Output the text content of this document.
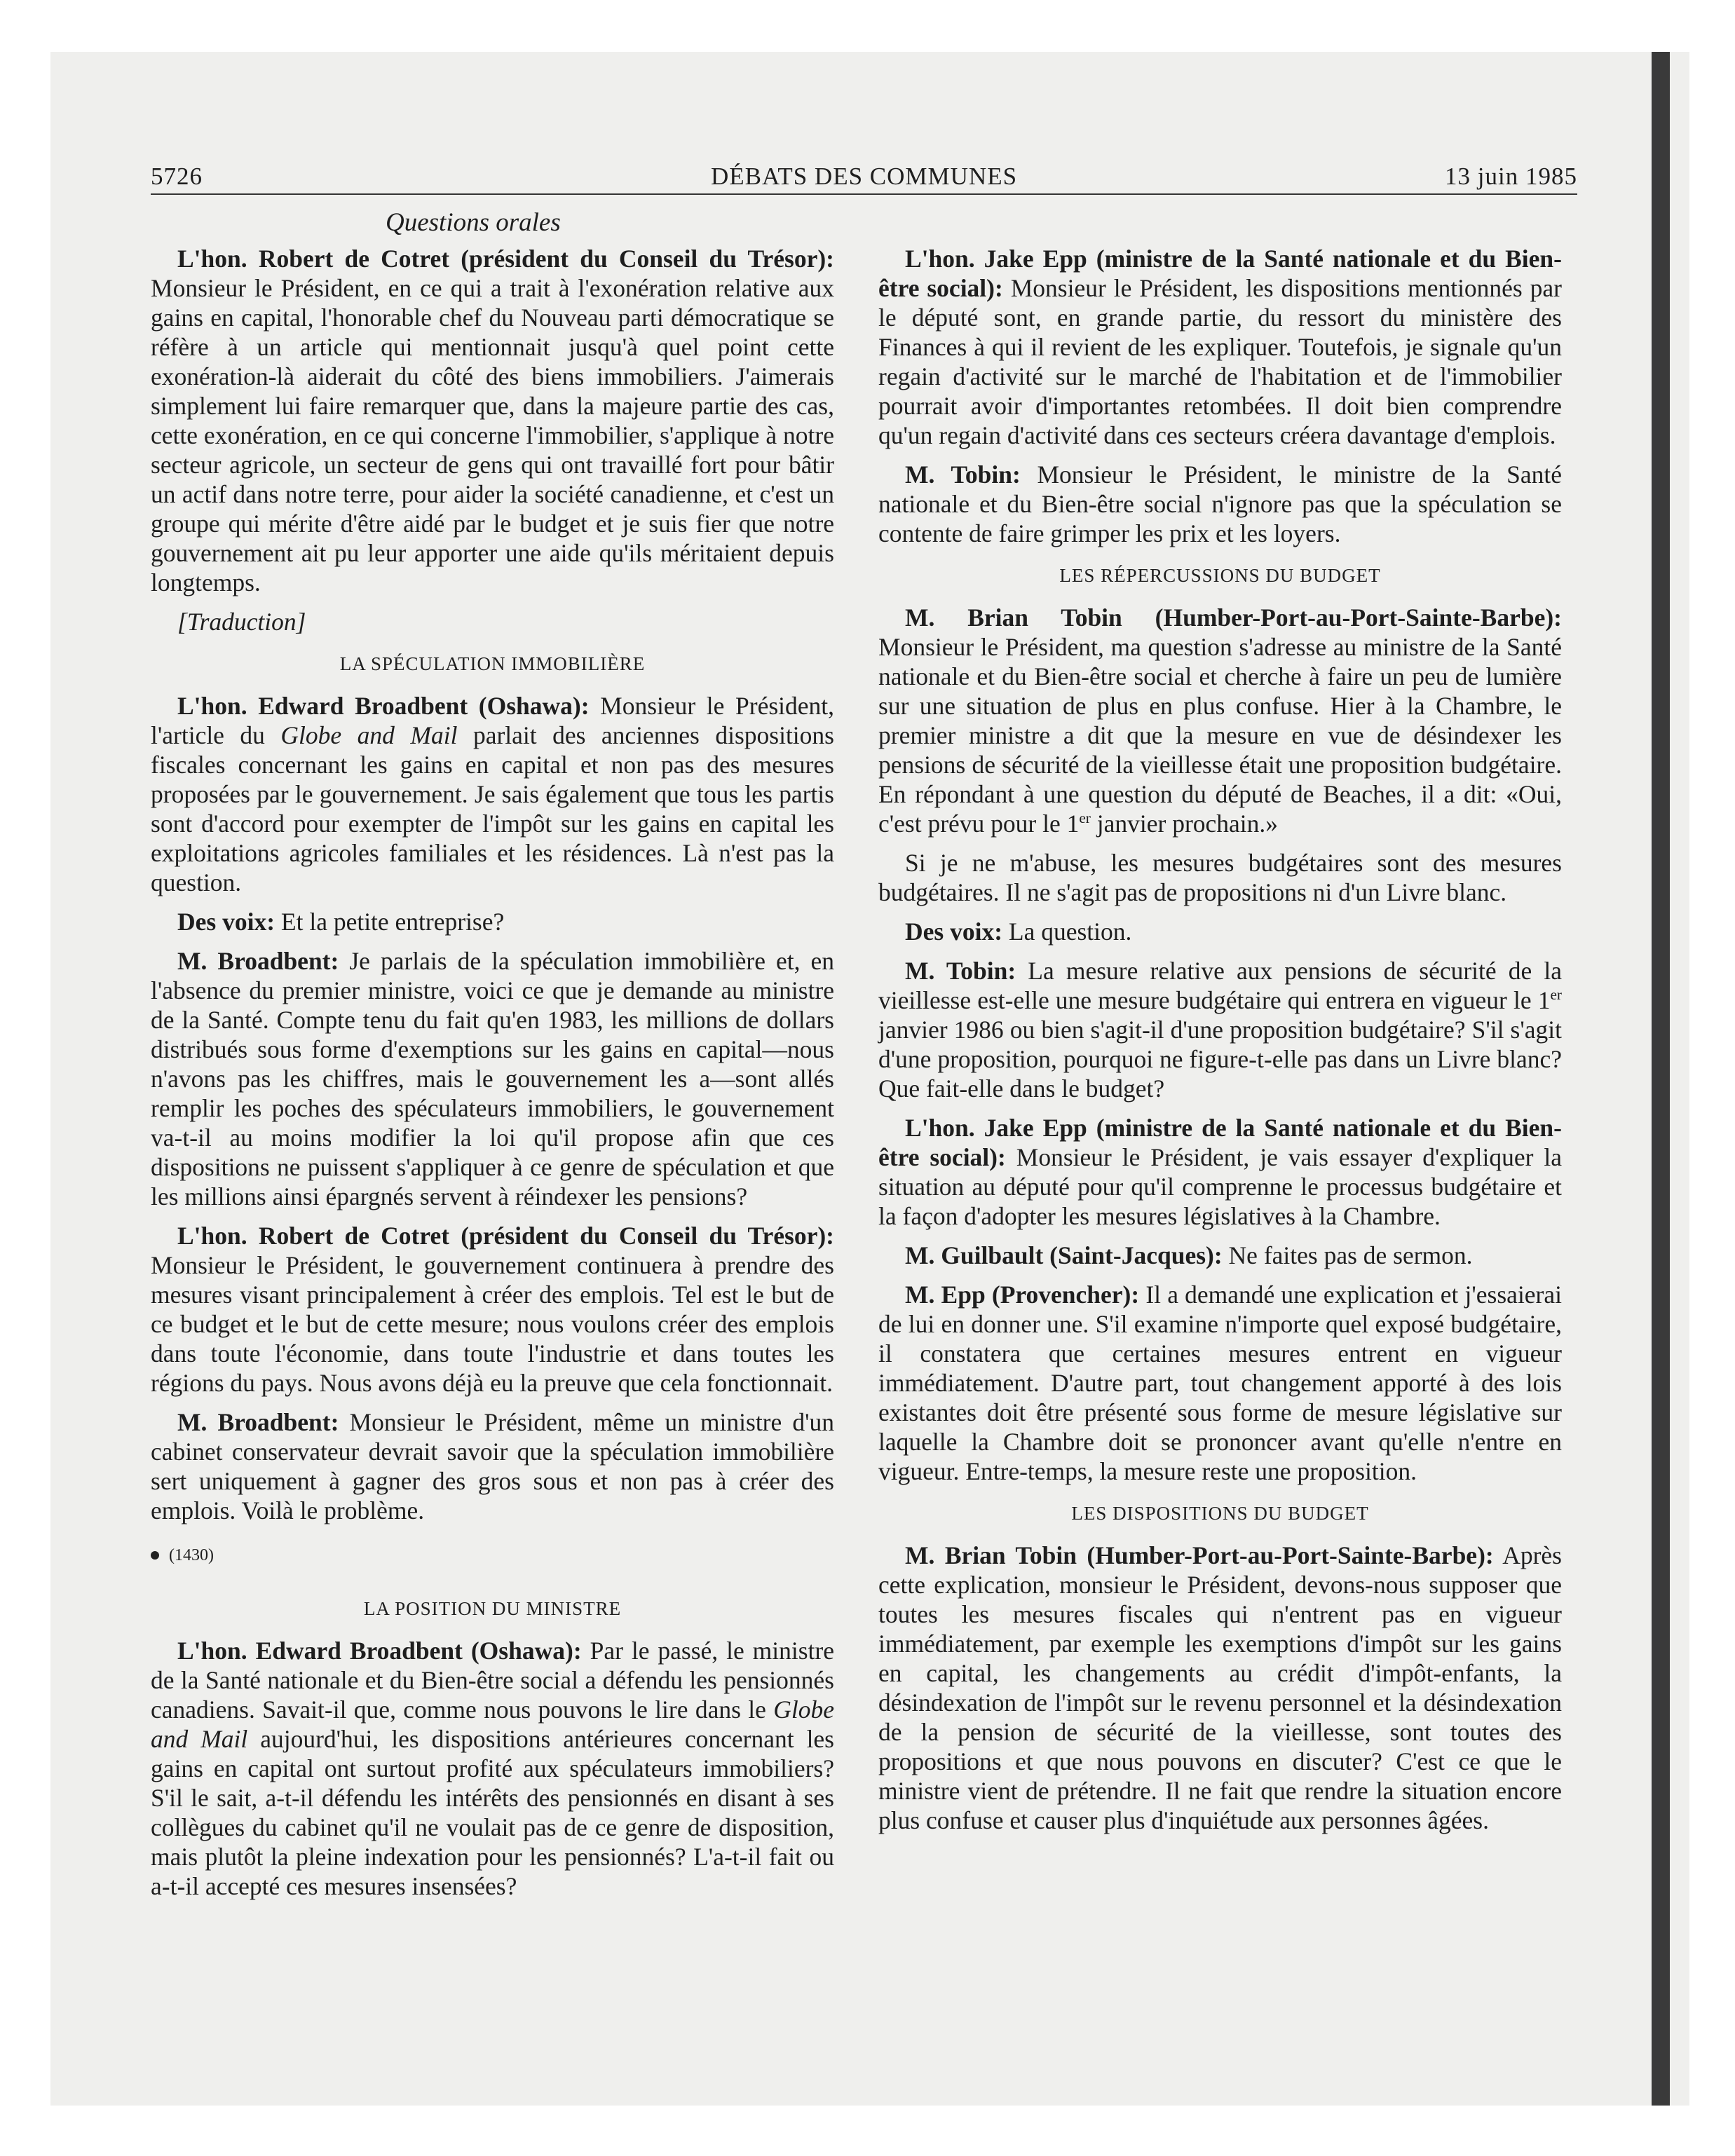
5726	DÉBATS DES COMMUNES	13 juin 1985
Questions orales

L'hon. Robert de Cotret (président du Conseil du Trésor): Monsieur le Président, en ce qui a trait à l'exonération relative aux gains en capital, l'honorable chef du Nouveau parti démocratique se réfère à un article qui mentionnait jusqu'à quel point cette exonération-là aiderait du côté des biens immobiliers. J'aimerais simplement lui faire remarquer que, dans la majeure partie des cas, cette exonération, en ce qui concerne l'immobilier, s'applique à notre secteur agricole, un secteur de gens qui ont travaillé fort pour bâtir un actif dans notre terre, pour aider la société canadienne, et c'est un groupe qui mérite d'être aidé par le budget et je suis fier que notre gouvernement ait pu leur apporter une aide qu'ils méritaient depuis longtemps.

[Traduction]

LA SPÉCULATION IMMOBILIÈRE

L'hon. Edward Broadbent (Oshawa): Monsieur le Président, l'article du Globe and Mail parlait des anciennes dispositions fiscales concernant les gains en capital et non pas des mesures proposées par le gouvernement. Je sais également que tous les partis sont d'accord pour exempter de l'impôt sur les gains en capital les exploitations agricoles familiales et les résidences. Là n'est pas la question.

Des voix: Et la petite entreprise?

M. Broadbent: Je parlais de la spéculation immobilière et, en l'absence du premier ministre, voici ce que je demande au ministre de la Santé. Compte tenu du fait qu'en 1983, les millions de dollars distribués sous forme d'exemptions sur les gains en capital—nous n'avons pas les chiffres, mais le gouvernement les a—sont allés remplir les poches des spéculateurs immobiliers, le gouvernement va-t-il au moins modifier la loi qu'il propose afin que ces dispositions ne puissent s'appliquer à ce genre de spéculation et que les millions ainsi épargnés servent à réindexer les pensions?

L'hon. Robert de Cotret (président du Conseil du Trésor): Monsieur le Président, le gouvernement continuera à prendre des mesures visant principalement à créer des emplois. Tel est le but de ce budget et le but de cette mesure; nous voulons créer des emplois dans toute l'économie, dans toute l'industrie et dans toutes les régions du pays. Nous avons déjà eu la preuve que cela fonctionnait.

M. Broadbent: Monsieur le Président, même un ministre d'un cabinet conservateur devrait savoir que la spéculation immobilière sert uniquement à gagner des gros sous et non pas à créer des emplois. Voilà le problème.

(1430)
LA POSITION DU MINISTRE

L'hon. Edward Broadbent (Oshawa): Par le passé, le ministre de la Santé nationale et du Bien-être social a défendu les pensionnés canadiens. Savait-il que, comme nous pouvons le lire dans le Globe and Mail aujourd'hui, les dispositions antérieures concernant les gains en capital ont surtout profité aux spéculateurs immobiliers? S'il le sait, a-t-il défendu les intérêts des pensionnés en disant à ses collègues du cabinet qu'il ne voulait pas de ce genre de disposition, mais plutôt la pleine indexation pour les pensionnés? L'a-t-il fait ou a-t-il accepté ces mesures insensées?

L'hon. Jake Epp (ministre de la Santé nationale et du Bien-être social): Monsieur le Président, les dispositions mentionnés par le député sont, en grande partie, du ressort du ministère des Finances à qui il revient de les expliquer. Toutefois, je signale qu'un regain d'activité sur le marché de l'habitation et de l'immobilier pourrait avoir d'importantes retombées. Il doit bien comprendre qu'un regain d'activité dans ces secteurs créera davantage d'emplois.

M. Tobin: Monsieur le Président, le ministre de la Santé nationale et du Bien-être social n'ignore pas que la spéculation se contente de faire grimper les prix et les loyers.

LES RÉPERCUSSIONS DU BUDGET

M. Brian Tobin (Humber-Port-au-Port-Sainte-Barbe): Monsieur le Président, ma question s'adresse au ministre de la Santé nationale et du Bien-être social et cherche à faire un peu de lumière sur une situation de plus en plus confuse. Hier à la Chambre, le premier ministre a dit que la mesure en vue de désindexer les pensions de sécurité de la vieillesse était une proposition budgétaire. En répondant à une question du député de Beaches, il a dit: «Oui, c'est prévu pour le 1er janvier prochain.»

Si je ne m'abuse, les mesures budgétaires sont des mesures budgétaires. Il ne s'agit pas de propositions ni d'un Livre blanc.

Des voix: La question.

M. Tobin: La mesure relative aux pensions de sécurité de la vieillesse est-elle une mesure budgétaire qui entrera en vigueur le 1er janvier 1986 ou bien s'agit-il d'une proposition budgétaire? S'il s'agit d'une proposition, pourquoi ne figure-t-elle pas dans un Livre blanc? Que fait-elle dans le budget?

L'hon. Jake Epp (ministre de la Santé nationale et du Bien-être social): Monsieur le Président, je vais essayer d'expliquer la situation au député pour qu'il comprenne le processus budgétaire et la façon d'adopter les mesures législatives à la Chambre.

M. Guilbault (Saint-Jacques): Ne faites pas de sermon.

M. Epp (Provencher): Il a demandé une explication et j'essaierai de lui en donner une. S'il examine n'importe quel exposé budgétaire, il constatera que certaines mesures entrent en vigueur immédiatement. D'autre part, tout changement apporté à des lois existantes doit être présenté sous forme de mesure législative sur laquelle la Chambre doit se prononcer avant qu'elle n'entre en vigueur. Entre-temps, la mesure reste une proposition.

LES DISPOSITIONS DU BUDGET

M. Brian Tobin (Humber-Port-au-Port-Sainte-Barbe): Après cette explication, monsieur le Président, devons-nous supposer que toutes les mesures fiscales qui n'entrent pas en vigueur immédiatement, par exemple les exemptions d'impôt sur les gains en capital, les changements au crédit d'impôt-enfants, la désindexation de l'impôt sur le revenu personnel et la désindexation de la pension de sécurité de la vieillesse, sont toutes des propositions et que nous pouvons en discuter? C'est ce que le ministre vient de prétendre. Il ne fait que rendre la situation encore plus confuse et causer plus d'inquiétude aux personnes âgées.
